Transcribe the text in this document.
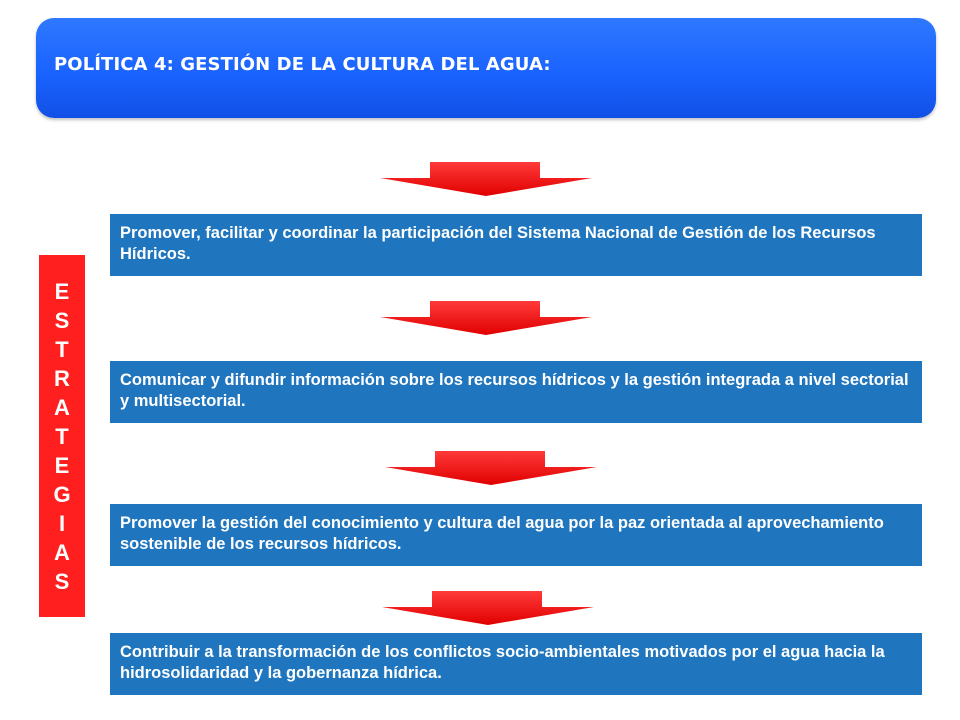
POLÍTICA 4: GESTIÓN DE LA CULTURA DEL AGUA:
E
S
T
R
A
T
E
G
I
A
S
Promover, facilitar y coordinar la participación del Sistema Nacional de Gestión de los Recursos Hídricos.
Comunicar y difundir información sobre los recursos hídricos y la gestión integrada a nivel sectorial y multisectorial.
Promover la gestión del conocimiento y cultura del agua por la paz orientada al aprovechamiento sostenible de los recursos hídricos.
Contribuir a la transformación de los conflictos socio-ambientales motivados por el agua hacia la hidrosolidaridad y la gobernanza hídrica.
